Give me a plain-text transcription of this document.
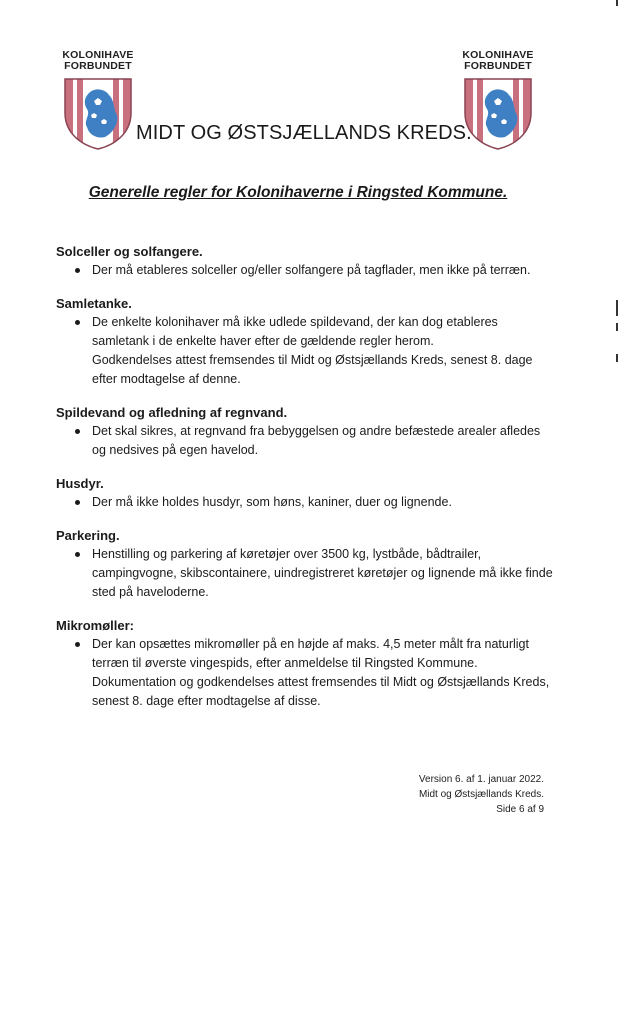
KOLONIHAVE
FORBUNDET
KOLONIHAVE
FORBUNDET
MIDT OG ØSTSJÆLLANDS KREDS.
Generelle regler for Kolonihaverne i Ringsted Kommune.

Solceller og solfangere.

Der må etableres solceller og/eller solfangere på tagflader, men ikke på terræn.

Samletanke.

De enkelte kolonihaver må ikke udlede spildevand, der kan dog etableres samletank i de enkelte haver efter de gældende regler herom.
Godkendelses attest fremsendes til Midt og Østsjællands Kreds, senest 8. dage efter modtagelse af denne.

Spildevand og afledning af regnvand.

Det skal sikres, at regnvand fra bebyggelsen og andre befæstede arealer afledes og nedsives på egen havelod.

Husdyr.

Der må ikke holdes husdyr, som høns, kaniner, duer og lignende.

Parkering.

Henstilling og parkering af køretøjer over 3500 kg, lystbåde, bådtrailer, campingvogne, skibscontainere, uindregistreret køretøjer og lignende må ikke finde sted på haveloderne.

Mikromøller:

Der kan opsættes mikromøller på en højde af maks. 4,5 meter målt fra naturligt terræn til øverste vingespids, efter anmeldelse til Ringsted Kommune.
Dokumentation og godkendelses attest fremsendes til Midt og Østsjællands Kreds, senest 8. dage efter modtagelse af disse.

Version 6. af 1. januar 2022.
Midt og Østsjællands Kreds.
Side 6 af 9
